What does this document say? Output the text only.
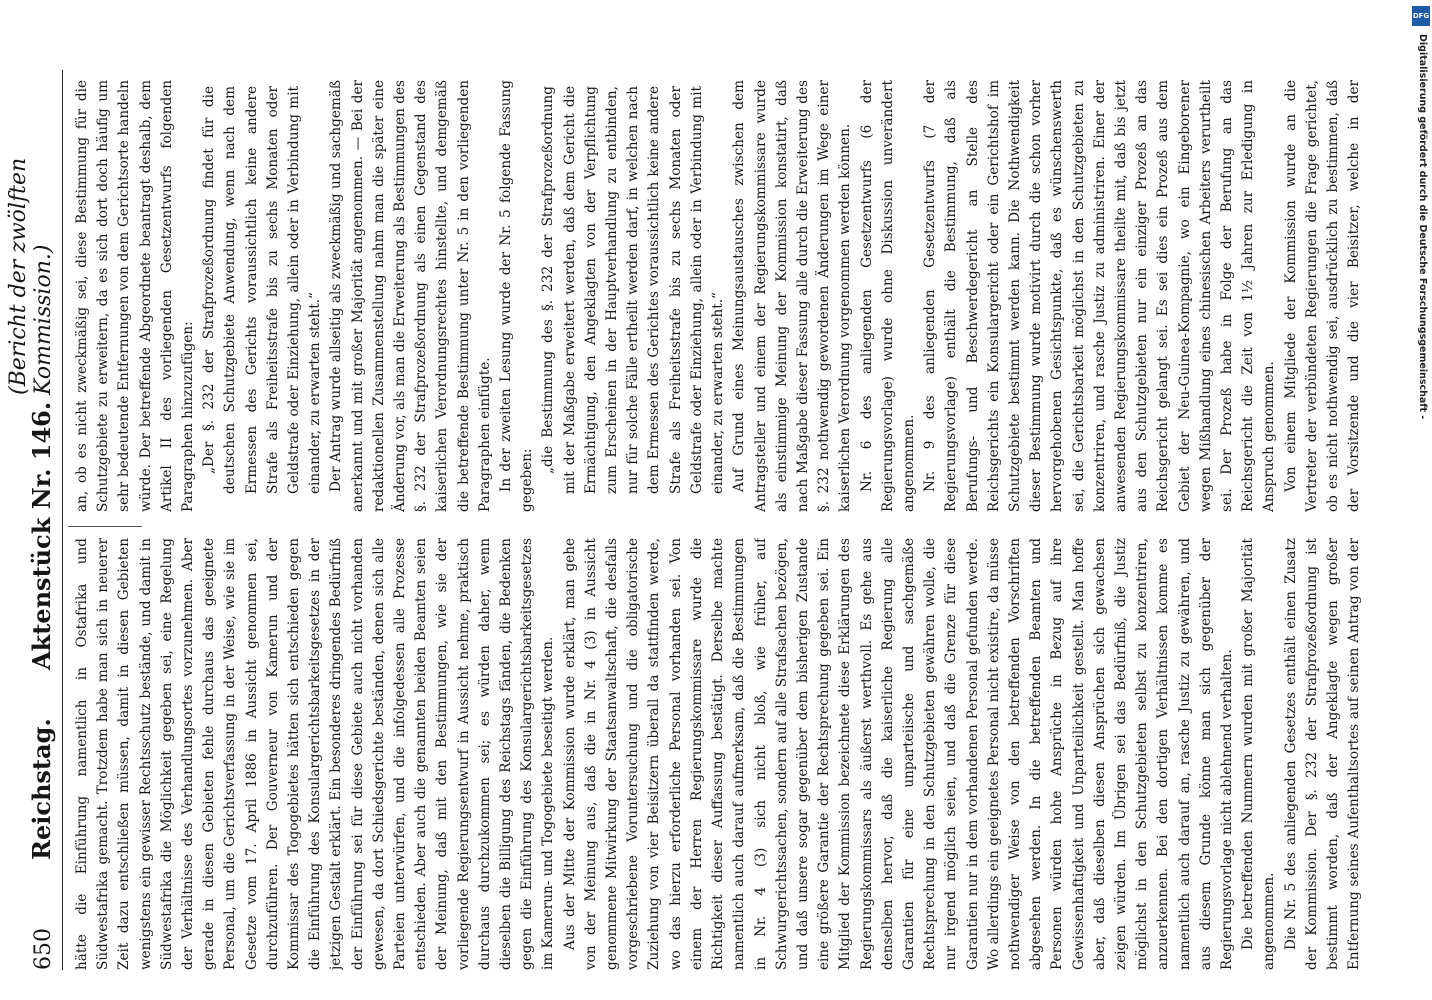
650
Reichstag.
Aktenstück Nr. 146.
(Bericht der zwölften Kommission.)

hätte die Einführung namentlich in Ostafrika und Südwestafrika gemacht. Trotzdem habe man sich in neuerer Zeit dazu entschließen müssen, damit in diesen Gebieten wenigstens ein gewisser Rechtsschutz bestände, und damit in Südwestafrika die Möglichkeit gegeben sei, eine Regelung der Verhältnisse des Verhandlungsortes vorzunehmen. Aber gerade in diesen Gebieten fehle durchaus das geeignete Personal, um die Gerichtsverfassung in der Weise, wie sie im Gesetze vom 17. April 1886 in Aussicht genommen sei, durchzuführen. Der Gouverneur von Kamerun und der Kommissar des Togogebietes hätten sich entschieden gegen die Einführung des Konsulargerichtsbarkeitsgesetzes in der jetzigen Gestalt erklärt. Ein besonderes dringendes Bedürfniß der Einführung sei für diese Gebiete auch nicht vorhanden gewesen, da dort Schiedsgerichte beständen, denen sich alle Parteien unterwürfen, und die infolgedessen alle Prozesse entschieden. Aber auch die genannten beiden Beamten seien der Meinung, daß mit den Bestimmungen, wie sie der vorliegende Regierungsentwurf in Aussicht nehme, praktisch durchaus durchzukommen sei; es würden daher, wenn dieselben die Billigung des Reichstags fänden, die Bedenken gegen die Einführung des Konsulargerichtsbarkeitsgesetzes im Kamerun- und Togogebiete beseitigt werden. Aus der Mitte der Kommission wurde erklärt, man gehe von der Meinung aus, daß die in Nr. 4 (3) in Aussicht genommene Mitwirkung der Staatsanwaltschaft, die desfalls vorgeschriebene Voruntersuchung und die obligatorische Zuziehung von vier Beisitzern überall da stattfinden werde, wo das hierzu erforderliche Personal vorhanden sei. Von einem der Herren Regierungskommissare wurde die Richtigkeit dieser Auffassung bestätigt. Derselbe machte namentlich auch darauf aufmerksam, daß die Bestimmungen in Nr. 4 (3) sich nicht bloß, wie früher, auf Schwurgerichtssachen, sondern auf alle Strafsachen bezögen, und daß unsere sogar gegenüber dem bisherigen Zustande eine größere Garantie der Rechtsprechung gegeben sei. Ein Mitglied der Kommission bezeichnete diese Erklärungen des Regierungskommissars als äußerst werthvoll. Es gehe aus denselben hervor, daß die kaiserliche Regierung alle Garantien für eine unparteiische und sachgemäße Rechtsprechung in den Schutzgebieten gewähren wolle, die nur irgend möglich seien, und daß die Grenze für diese Garantien nur in dem vorhandenen Personal gefunden werde. Wo allerdings ein geeignetes Personal nicht existire, da müsse nothwendiger Weise von den betreffenden Vorschriften abgesehen werden. In die betreffenden Beamten und Personen würden hohe Ansprüche in Bezug auf ihre Gewissenhaftigkeit und Unparteilichkeit gestellt. Man hoffe aber, daß dieselben diesen Ansprüchen sich gewachsen zeigen würden. Im Übrigen sei das Bedürfniß, die Justiz möglichst in den Schutzgebieten selbst zu konzentriren, anzuerkennen. Bei den dortigen Verhältnissen komme es namentlich auch darauf an, rasche Justiz zu gewähren, und aus diesem Grunde könne man sich gegenüber der Regierungsvorlage nicht ablehnend verhalten. Die betreffenden Nummern wurden mit großer Majorität angenommen. Die Nr. 5 des anliegenden Gesetzes enthält einen Zusatz der Kommission. Der §. 232 der Strafprozeßordnung ist bestimmt worden, daß der Angeklagte wegen großer Entfernung seines Aufenthaltsortes auf seinen Antrag von der

an, ob es nicht zweckmäßig sei, diese Bestimmung für die Schutzgebiete zu erweitern, da es sich dort doch häufig um sehr bedeutende Entfernungen von dem Gerichtsorte handeln würde. Der betreffende Abgeordnete beantragt deshalb, dem Artikel II des vorliegenden Gesetzentwurfs folgenden Paragraphen hinzuzufügen: „Der §. 232 der Strafprozeßordnung findet für die deutschen Schutzgebiete Anwendung, wenn nach dem Ermessen des Gerichts voraussichtlich keine andere Strafe als Freiheitsstrafe bis zu sechs Monaten oder Geldstrafe oder Einziehung, allein oder in Verbindung mit einander, zu erwarten steht.“ Der Antrag wurde allseitig als zweckmäßig und sachgemäß anerkannt und mit großer Majorität angenommen. — Bei der redaktionellen Zusammenstellung nahm man die später eine Änderung vor, als man die Erweiterung als Bestimmungen des §. 232 der Strafprozeßordnung als einen Gegenstand des kaiserlichen Verordnungsrechtes hinstellte, und demgemäß die betreffende Bestimmung unter Nr. 5 in den vorliegenden Paragraphen einfügte. In der zweiten Lesung wurde der Nr. 5 folgende Fassung gegeben:

„die Bestimmung des §. 232 der Strafprozeßordnung mit der Maßgabe erweitert werden, daß dem Gericht die Ermächtigung, den Angeklagten von der Verpflichtung zum Erscheinen in der Hauptverhandlung zu entbinden, nur für solche Fälle ertheilt werden darf, in welchen nach dem Ermessen des Gerichtes voraussichtlich keine andere Strafe als Freiheitsstrafe bis zu sechs Monaten oder Geldstrafe oder Einziehung, allein oder in Verbindung mit einander, zu erwarten steht.“ Auf Grund eines Meinungsaustausches zwischen dem Antragsteller und einem der Regierungskommissare wurde als einstimmige Meinung der Kommission konstatirt, daß nach Maßgabe dieser Fassung alle durch die Erweiterung des §. 232 nothwendig gewordenen Änderungen im Wege einer kaiserlichen Verordnung vorgenommen werden können. Nr. 6 des anliegenden Gesetzentwurfs (6 der Regierungsvorlage) wurde ohne Diskussion unverändert angenommen. Nr. 9 des anliegenden Gesetzentwurfs (7 der Regierungsvorlage) enthält die Bestimmung, daß als Berufungs- und Beschwerdegericht an Stelle des Reichsgerichts ein Konsulargericht oder ein Gerichtshof im Schutzgebiete bestimmt werden kann. Die Nothwendigkeit dieser Bestimmung wurde motivirt durch die schon vorher hervorgehobenen Gesichtspunkte, daß es wünschenswerth sei, die Gerichtsbarkeit möglichst in den Schutzgebieten zu konzentriren, und rasche Justiz zu administriren. Einer der anwesenden Regierungskommissare theilte mit, daß bis jetzt aus den Schutzgebieten nur ein einziger Prozeß an das Reichsgericht gelangt sei. Es sei dies ein Prozeß aus dem Gebiet der Neu-Guinea-Kompagnie, wo ein Eingeborener wegen Mißhandlung eines chinesischen Arbeiters verurtheilt sei. Der Prozeß habe in Folge der Berufung an das Reichsgericht die Zeit von 1½ Jahren zur Erledigung in Anspruch genommen. Von einem Mitgliede der Kommission wurde an die Vertreter der verbündeten Regierungen die Frage gerichtet, ob es nicht nothwendig sei, ausdrücklich zu bestimmen, daß der Vorsitzende und die vier Beisitzer, welche in der

DFG
Digitalisierung gefördert durch die Deutsche Forschungsgemeinschaft -
